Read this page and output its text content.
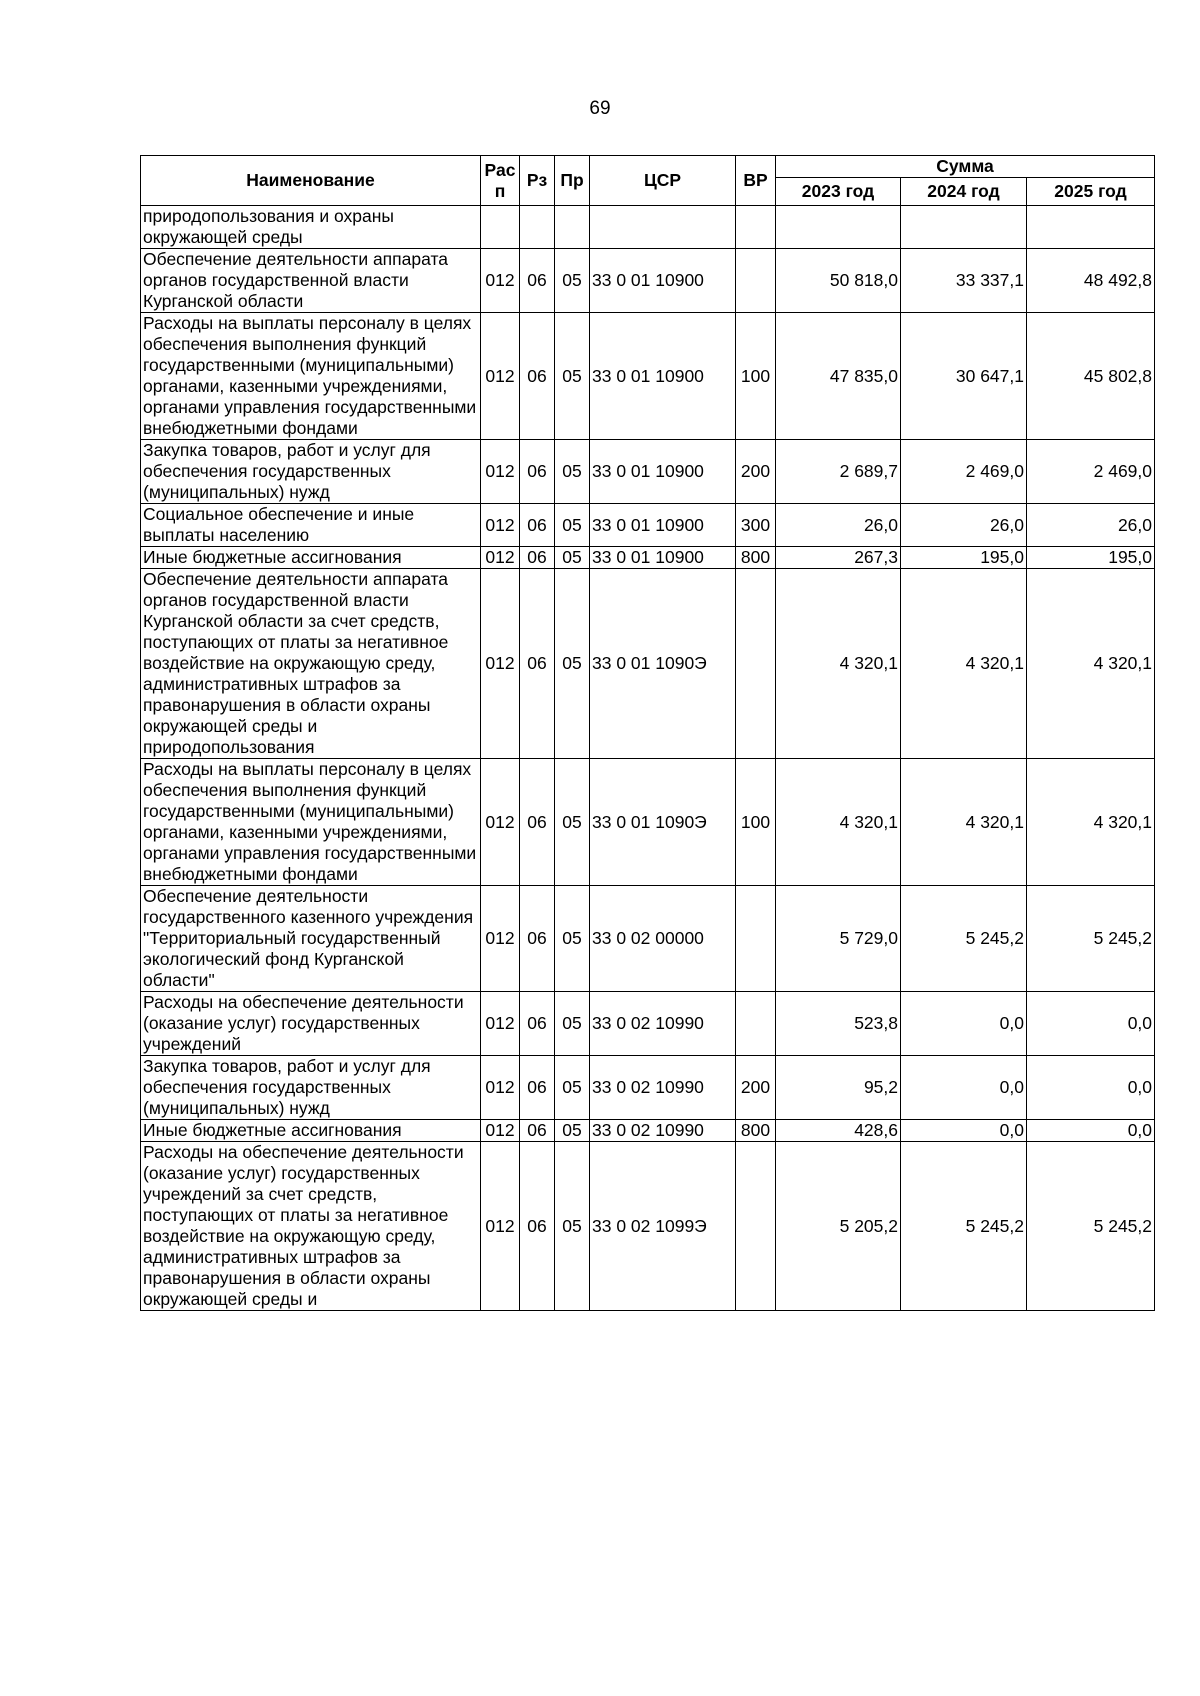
69
Наименование	Рас п	Рз	Пр	ЦСР	ВР	Сумма		
						2023 год	2024 год	2025 год
природопользования и охраны окружающей среды								
Обеспечение деятельности аппарата органов государственной власти Курганской области	012	06	05	33 0 01 10900		50 818,0	33 337,1	48 492,8
Расходы на выплаты персоналу в целях обеспечения выполнения функций государственными (муниципальными) органами, казенными учреждениями, органами управления государственными внебюджетными фондами	012	06	05	33 0 01 10900	100	47 835,0	30 647,1	45 802,8
Закупка товаров, работ и услуг для обеспечения государственных (муниципальных) нужд	012	06	05	33 0 01 10900	200	2 689,7	2 469,0	2 469,0
Социальное обеспечение и иные выплаты населению	012	06	05	33 0 01 10900	300	26,0	26,0	26,0
Иные бюджетные ассигнования	012	06	05	33 0 01 10900	800	267,3	195,0	195,0
Обеспечение деятельности аппарата органов государственной власти Курганской области за счет средств, поступающих от платы за негативное воздействие на окружающую среду, административных штрафов за правонарушения в области охраны окружающей среды и природопользования	012	06	05	33 0 01 1090Э		4 320,1	4 320,1	4 320,1
Расходы на выплаты персоналу в целях обеспечения выполнения функций государственными (муниципальными) органами, казенными учреждениями, органами управления государственными внебюджетными фондами	012	06	05	33 0 01 1090Э	100	4 320,1	4 320,1	4 320,1
Обеспечение деятельности государственного казенного учреждения "Территориальный государственный экологический фонд Курганской области"	012	06	05	33 0 02 00000		5 729,0	5 245,2	5 245,2
Расходы на обеспечение деятельности (оказание услуг) государственных учреждений	012	06	05	33 0 02 10990		523,8	0,0	0,0
Закупка товаров, работ и услуг для обеспечения государственных (муниципальных) нужд	012	06	05	33 0 02 10990	200	95,2	0,0	0,0
Иные бюджетные ассигнования	012	06	05	33 0 02 10990	800	428,6	0,0	0,0
Расходы на обеспечение деятельности (оказание услуг) государственных учреждений за счет средств, поступающих от платы за негативное воздействие на окружающую среду, административных штрафов за правонарушения в области охраны окружающей среды и	012	06	05	33 0 02 1099Э		5 205,2	5 245,2	5 245,2
